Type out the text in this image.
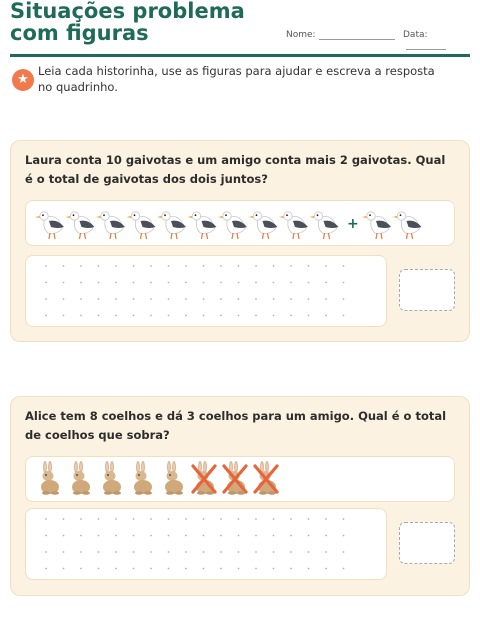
Situações problema com figuras	Nome:	Data:
★
Leia cada historinha, use as figuras para ajudar e escreva a resposta no quadrinho.
Laura conta 10 gaivotas e um amigo conta mais 2 gaivotas. Qual é o total de gaivotas dos dois juntos?
+
Alice tem 8 coelhos e dá 3 coelhos para um amigo. Qual é o total de coelhos que sobra?
